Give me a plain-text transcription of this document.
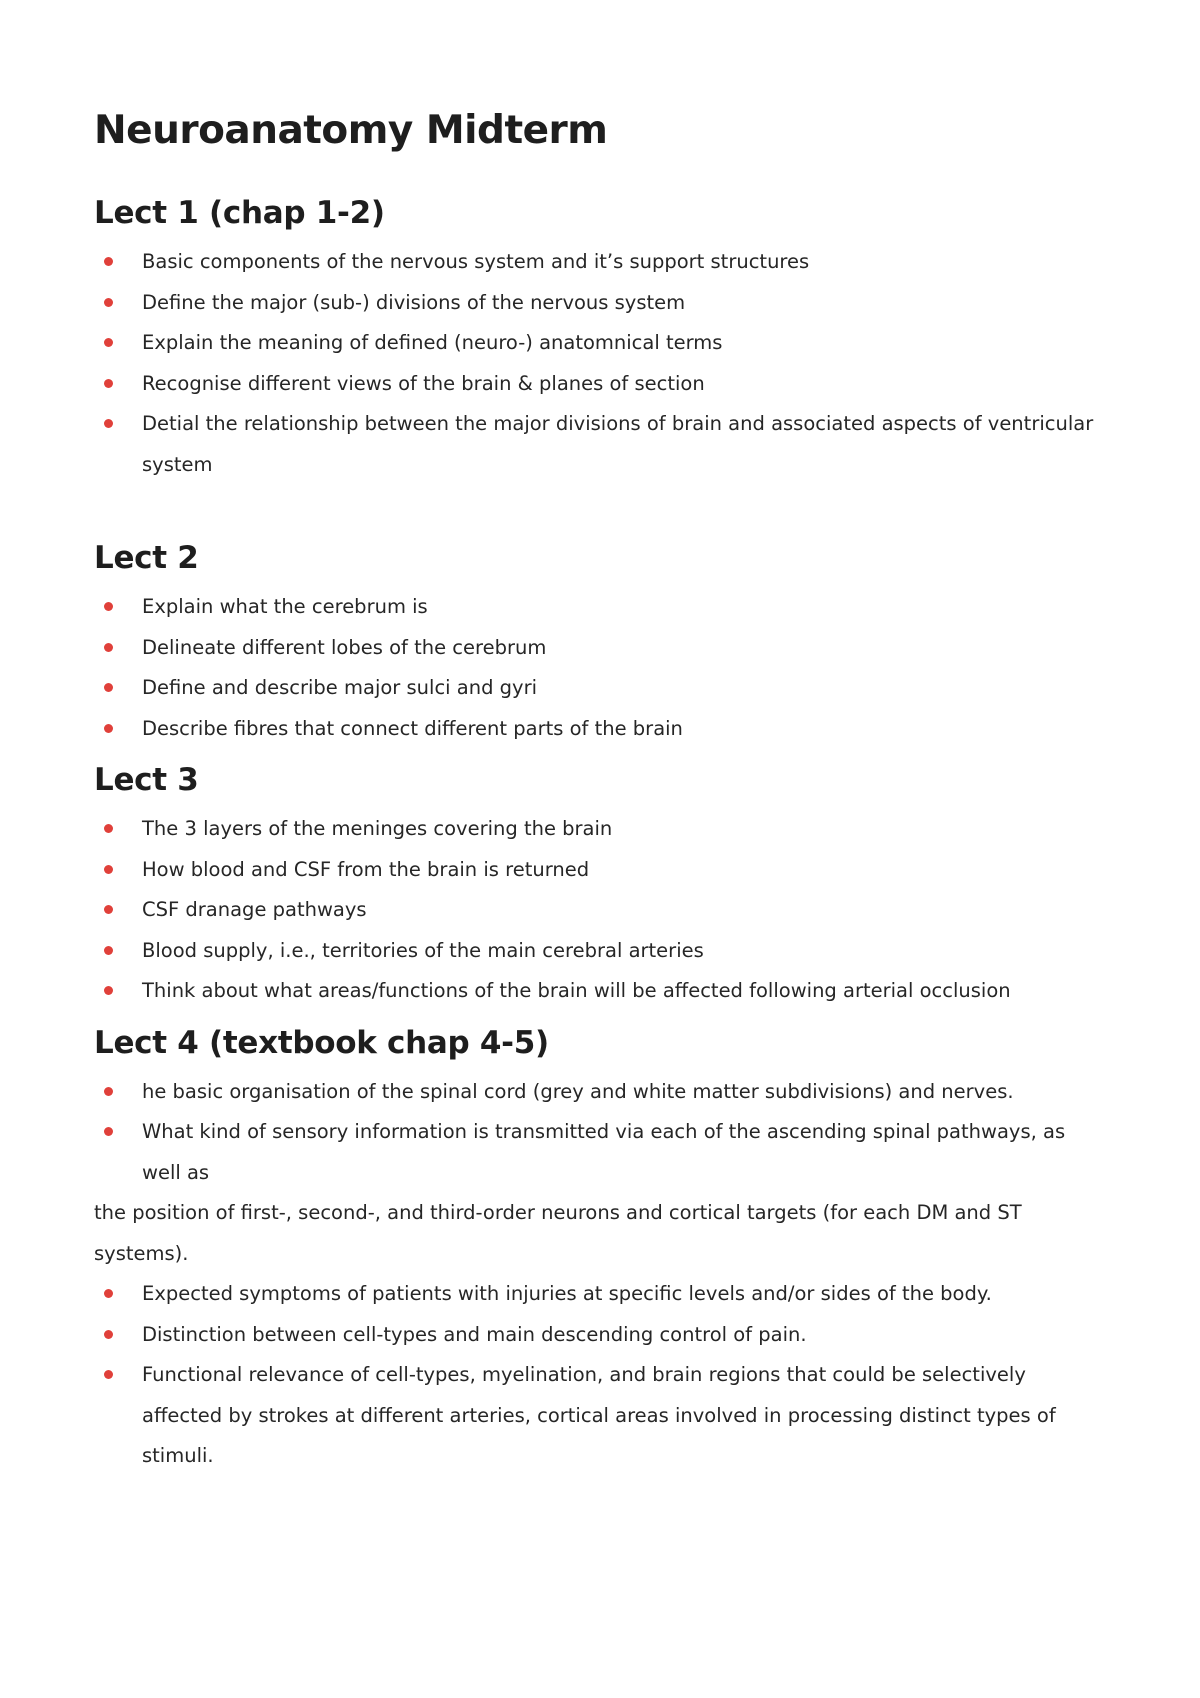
Neuroanatomy Midterm
Lect 1 (chap 1-2)
Basic components of the nervous system and it’s support structures
Define the major (sub-) divisions of the nervous system
Explain the meaning of defined (neuro-) anatomnical terms
Recognise different views of the brain & planes of section
Detial the relationship between the major divisions of brain and associated aspects of ventricular system
Lect 2
Explain what the cerebrum is
Delineate different lobes of the cerebrum
Define and describe major sulci and gyri
Describe fibres that connect different parts of the brain
Lect 3
The 3 layers of the meninges covering the brain
How blood and CSF from the brain is returned
CSF dranage pathways
Blood supply, i.e., territories of the main cerebral arteries
Think about what areas/functions of the brain will be affected following arterial occlusion
Lect 4 (textbook chap 4-5)
he basic organisation of the spinal cord (grey and white matter subdivisions) and nerves.
What kind of sensory information is transmitted via each of the ascending spinal pathways, as well as

the position of first-, second-, and third-order neurons and cortical targets (for each DM and ST systems).

Expected symptoms of patients with injuries at specific levels and/or sides of the body.
Distinction between cell-types and main descending control of pain.
Functional relevance of cell-types, myelination, and brain regions that could be selectively affected by strokes at different arteries, cortical areas involved in processing distinct types of stimuli.
